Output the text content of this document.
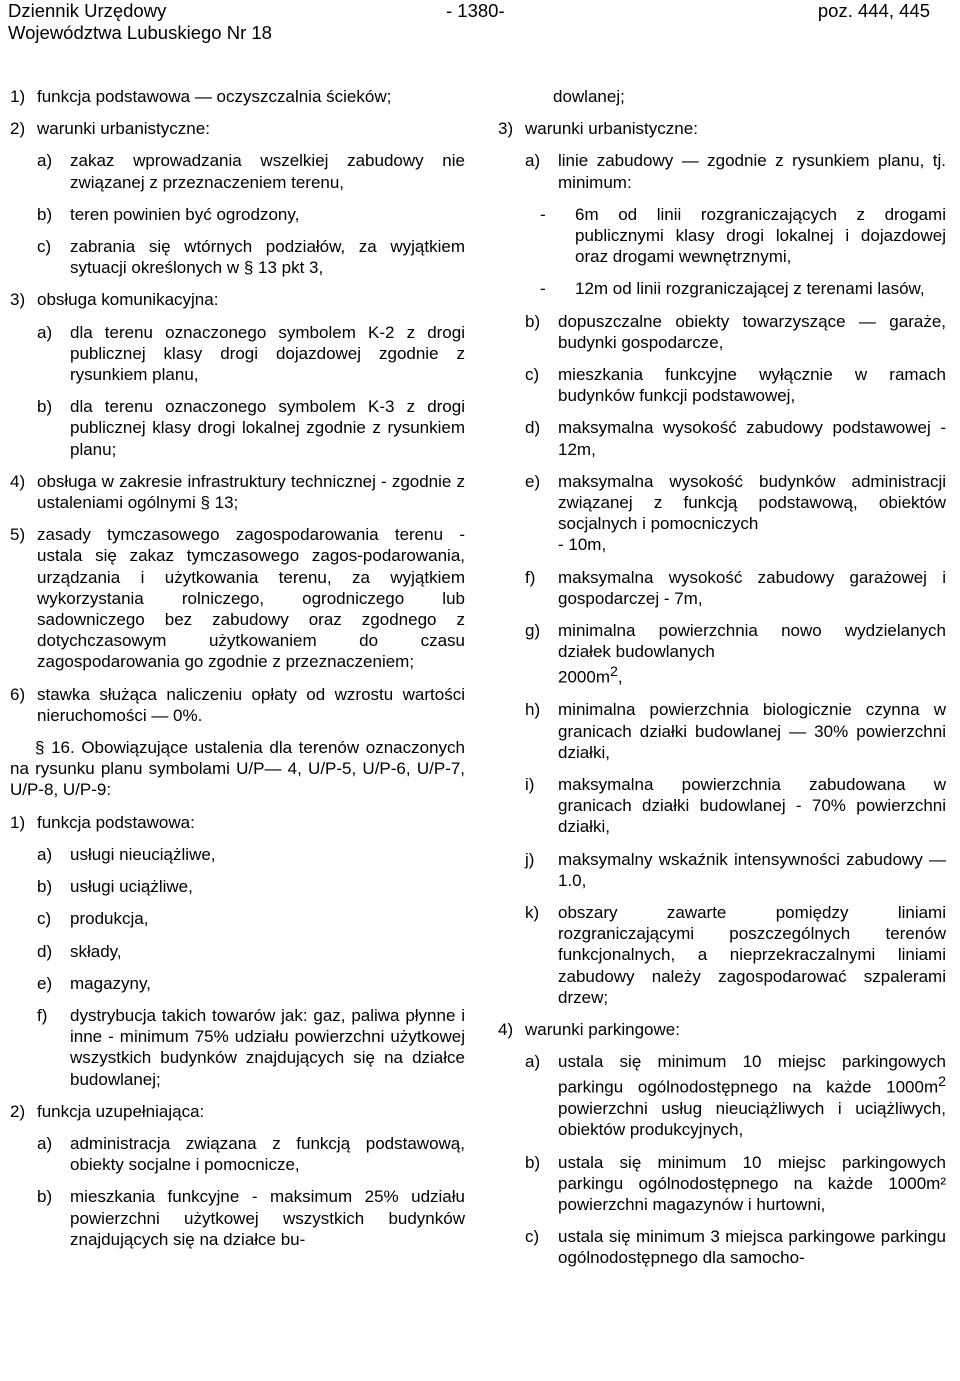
Dziennik Urzędowy
Województwa Lubuskiego Nr 18
- 1380-	poz. 444, 445
1) funkcja podstawowa — oczyszczalnia ścieków;
2) warunki urbanistyczne:
a)	zakaz wprowadzania wszelkiej zabudowy nie związanej z przeznaczeniem terenu,
b)	teren powinien być ogrodzony,
c)	zabrania się wtórnych podziałów, za wyjątkiem sytuacji określonych w § 13 pkt 3,
3) obsługa komunikacyjna:
a)	dla terenu oznaczonego symbolem K-2 z drogi publicznej klasy drogi dojazdowej zgodnie z rysunkiem planu,
b)	dla terenu oznaczonego symbolem K-3 z drogi publicznej klasy drogi lokalnej zgodnie z rysunkiem planu;
4) obsługa w zakresie infrastruktury technicznej - zgodnie z ustaleniami ogólnymi § 13;
5) zasady tymczasowego zagospodarowania terenu - ustala się zakaz tymczasowego zagos-podarowania, urządzania i użytkowania terenu, za wyjątkiem wykorzystania rolniczego, ogrodniczego lub sadowniczego bez zabudowy oraz zgodnego z dotychczasowym użytkowaniem do czasu zagospodarowania go zgodnie z przeznaczeniem;
6) stawka służąca naliczeniu opłaty od wzrostu wartości nieruchomości — 0%.

§ 16. Obowiązujące ustalenia dla terenów oznaczonych na rysunku planu symbolami U/P— 4, U/P-5, U/P-6, U/P-7, U/P-8, U/P-9:

1) funkcja podstawowa:
a)	usługi nieuciążliwe,
b)	usługi uciążliwe,
c)	produkcja,
d)	składy,
e)	magazyny,
f)	dystrybucja takich towarów jak: gaz, paliwa płynne i inne - minimum 75% udziału powierzchni użytkowej wszystkich budynków znajdujących się na działce budowlanej;
2) funkcja uzupełniająca:
a)	administracja związana z funkcją podstawową, obiekty socjalne i pomocnicze,
b)	mieszkania funkcyjne - maksimum 25% udziału powierzchni użytkowej wszystkich budynków znajdujących się na działce bu-

dowlanej;

3) warunki urbanistyczne:
a)	linie zabudowy — zgodnie z rysunkiem planu, tj. minimum:
-	6m od linii rozgraniczających z drogami publicznymi klasy drogi lokalnej i dojazdowej oraz drogami wewnętrznymi,
-	12m od linii rozgraniczającej z terenami lasów,
b)	dopuszczalne obiekty towarzyszące — garaże, budynki gospodarcze,
c)	mieszkania funkcyjne wyłącznie w ramach budynków funkcji podstawowej,
d)	maksymalna wysokość zabudowy podstawowej - 12m,
e)	maksymalna wysokość budynków administracji związanej z funkcją podstawową, obiektów socjalnych i pomocniczych
- 10m,
f)	maksymalna wysokość zabudowy garażowej i gospodarczej - 7m,
g)	minimalna powierzchnia nowo wydzielanych działek budowlanych
$2000m^2$,
h)	minimalna powierzchnia biologicznie czynna w granicach działki budowlanej — 30% powierzchni działki,
i)	maksymalna powierzchnia zabudowana w granicach działki budowlanej - 70% powierzchni działki,
j)	maksymalny wskaźnik intensywności zabudowy — 1.0,
k)	obszary zawarte pomiędzy liniami rozgraniczającymi poszczególnych terenów funkcjonalnych, a nieprzekraczalnymi liniami zabudowy należy zagospodarować szpalerami drzew;
4) warunki parkingowe:
a)	ustala się minimum 10 miejsc parkingowych parkingu ogólnodostępnego na każde $1000m^2$ powierzchni usług nieuciążliwych i uciążliwych, obiektów produkcyjnych,
b)	ustala się minimum 10 miejsc parkingowych parkingu ogólnodostępnego na każde 1000m² powierzchni magazynów i hurtowni,
c)	ustala się minimum 3 miejsca parkingowe parkingu ogólnodostępnego dla samocho-
